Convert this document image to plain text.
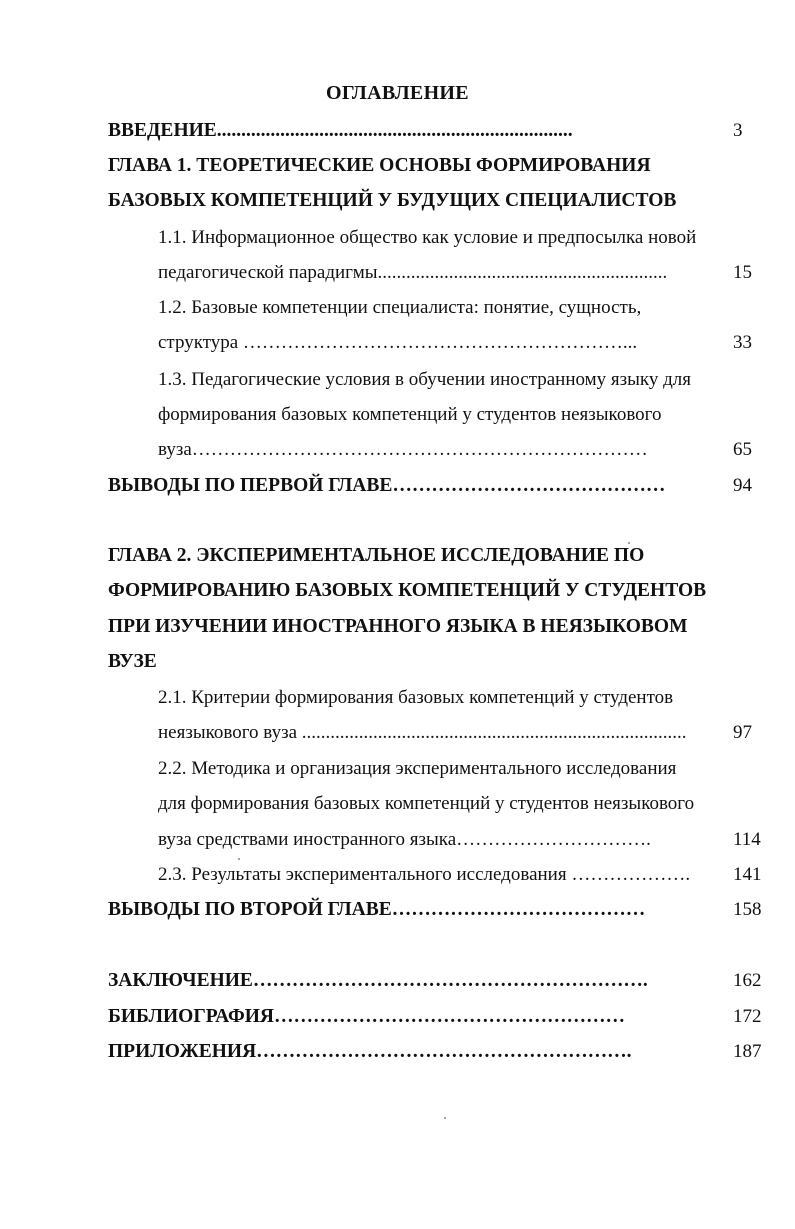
ОГЛАВЛЕНИЕ
ВВЕДЕНИЕ.........................................................................	3
ГЛАВА 1. ТЕОРЕТИЧЕСКИЕ ОСНОВЫ ФОРМИРОВАНИЯ
БАЗОВЫХ КОМПЕТЕНЦИЙ У БУДУЩИХ СПЕЦИАЛИСТОВ
1.1. Информационное общество как условие и предпосылка новой
педагогической парадигмы.............................................................	15
1.2. Базовые компетенции специалиста: понятие, сущность,
структура ……………………………………………………...	33
1.3. Педагогические условия в обучении иностранному языку для
формирования базовых компетенций у студентов неязыкового
вуза………………………………………………………………	65
ВЫВОДЫ ПО ПЕРВОЙ ГЛАВЕ……………………………………	94
ГЛАВА 2. ЭКСПЕРИМЕНТАЛЬНОЕ ИССЛЕДОВАНИЕ ПО
ФОРМИРОВАНИЮ БАЗОВЫХ КОМПЕТЕНЦИЙ У СТУДЕНТОВ
ПРИ ИЗУЧЕНИИ ИНОСТРАННОГО ЯЗЫКА В НЕЯЗЫКОВОМ
ВУЗЕ
2.1. Критерии формирования базовых компетенций у студентов
неязыкового вуза .................................................................................	97
2.2. Методика и организация экспериментального исследования
для формирования базовых компетенций у студентов неязыкового
вуза средствами иностранного языка………………………….	114
2.3. Результаты экспериментального исследования ……………….	141
ВЫВОДЫ ПО ВТОРОЙ ГЛАВЕ…………………………………	158
ЗАКЛЮЧЕНИЕ…………………………………………………….	162
БИБЛИОГРАФИЯ………………………………………………	172
ПРИЛОЖЕНИЯ………………………………………………….	187
